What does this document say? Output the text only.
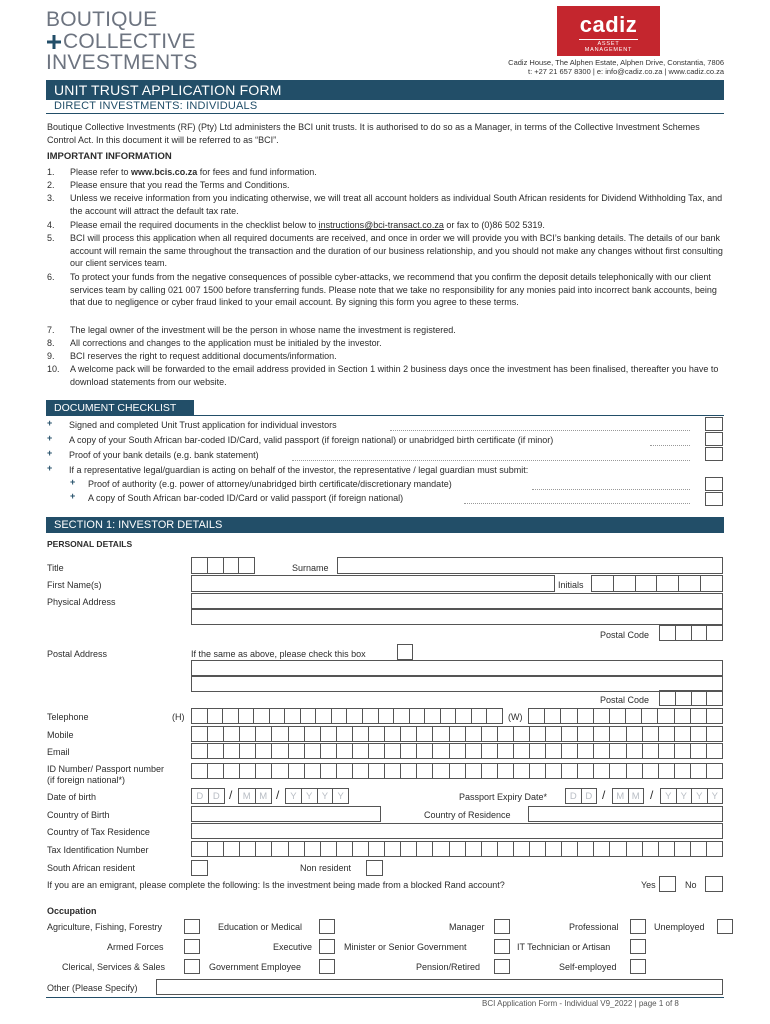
BOUTIQUE
COLLECTIVE
INVESTMENTS
cadiz
ASSET MANAGEMENT
Cadiz House, The Alphen Estate, Alphen Drive, Constantia, 7806
t: +27 21 657 8300 | e: info@cadiz.co.za | www.cadiz.co.za
UNIT TRUST APPLICATION FORM
DIRECT INVESTMENTS: INDIVIDUALS
Boutique Collective Investments (RF) (Pty) Ltd administers the BCI unit trusts. It is authorised to do so as a Manager, in terms of the Collective Investment Schemes Control Act. In this document it will be referred to as “BCI”.
IMPORTANT INFORMATION
1.	Please refer to www.bcis.co.za for fees and fund information.
2.	Please ensure that you read the Terms and Conditions.
3.	Unless we receive information from you indicating otherwise, we will treat all account holders as individual South African residents for Dividend Withholding Tax, and the account will attract the default tax rate.
4.	Please email the required documents in the checklist below to instructions@bci-transact.co.za or fax to (0)86 502 5319.
5.	BCI will process this application when all required documents are received, and once in order we will provide you with BCI’s banking details. The details of our bank account will remain the same throughout the transaction and the duration of our business relationship, and you should not make any changes without first consulting our client services team.
6.	To protect your funds from the negative consequences of possible cyber-attacks, we recommend that you confirm the deposit details telephonically with our client services team by calling 021 007 1500 before transferring funds. Please note that we take no responsibility for any monies paid into incorrect bank accounts, being that due to negligence or cyber fraud linked to your email account. By signing this form you agree to these terms.
7.	The legal owner of the investment will be the person in whose name the investment is registered.
8.	All corrections and changes to the application must be initialed by the investor.
9.	BCI reserves the right to request additional documents/information.
10.	A welcome pack will be forwarded to the email address provided in Section 1 within 2 business days once the investment has been finalised, thereafter you have to download statements from our website.
DOCUMENT CHECKLIST
+ Signed and completed Unit Trust application for individual investors
+ A copy of your South African bar-coded ID/Card, valid passport (if foreign national) or unabridged birth certificate (if minor)
+ Proof of your bank details (e.g. bank statement)
+ If a representative legal/guardian is acting on behalf of the investor, the representative / legal guardian must submit:
+ Proof of authority (e.g. power of attorney/unabridged birth certificate/discretionary mandate)
+ A copy of South African bar-coded ID/Card or valid passport (if foreign national)
SECTION 1: INVESTOR DETAILS
PERSONAL DETAILS
Title	Surname
First Name(s)	Initials
Physical Address
Postal Code
Postal Address	If the same as above, please check this box
Postal Code
Telephone	(H)	(W)
Mobile
Email
ID Number/ Passport number
(if foreign national*)
Date of birth	D	D /	M M /	Y Y Y Y	Passport Expiry Date*	D D /	M M /	Y Y Y Y
Country of Birth	Country of Residence
Country of Tax Residence
Tax Identification Number
South African resident	Non resident
If you are an emigrant, please complete the following: Is the investment being made from a blocked Rand account?	Yes	No
Occupation
Agriculture, Fishing, Forestry	Education or Medical	Manager	Professional	Unemployed
Armed Forces	Executive	Minister or Senior Government	IT Technician or Artisan
Clerical, Services & Sales	Government Employee	Pension/Retired	Self-employed
Other (Please Specify)
BCI Application Form - Individual V9_2022 | page 1 of 8
